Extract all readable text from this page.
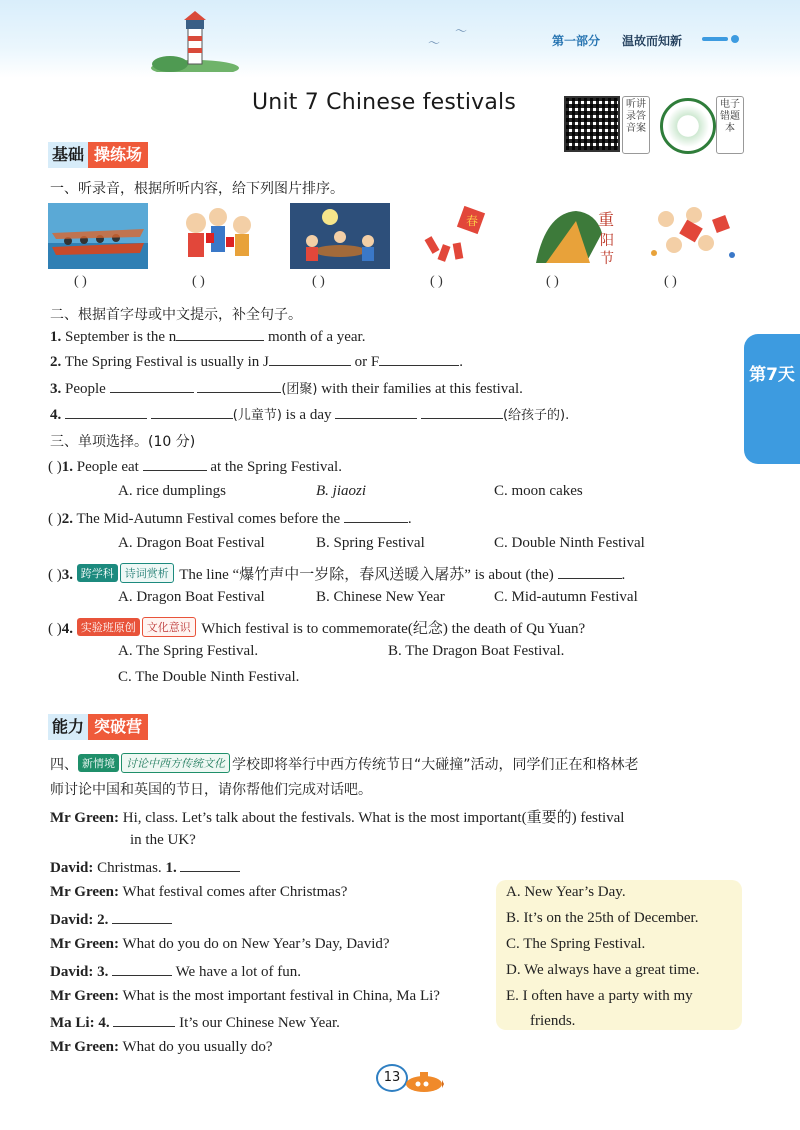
〜
〜	第一部分 温故而知新
Unit 7 Chinese festivals	听讲录答音案
电子错题本
第7天
基础 操练场
一、听录音，根据所听内容，给下列图片排序。
春	重
阳
节
( )	( )	( )	( )	( )	( )
二、根据首字母或中文提示，补全句子。
1. September is the n	month of a year.
2. The Spring Festival is usually in J	or F	.
3. People	(团聚) with their families at this festival.
4.	(儿童节) is a day	(给孩子的).
三、单项选择。(10 分)
( )1. People eat	at the Spring Festival.
A. rice dumplings	B. jiaozi	C. moon cakes
( )2. The Mid-Autumn Festival comes before the	.
A. Dragon Boat Festival	B. Spring Festival	C. Double Ninth Festival
( )3. 跨学科 诗词赏析 The line “爆竹声中一岁除，春风送暖入屠苏” is about (the)	.
A. Dragon Boat Festival	B. Chinese New Year	C. Mid-autumn Festival
( )4. 实验班原创 文化意识 Which festival is to commemorate(纪念) the death of Qu Yuan?
A. The Spring Festival.	B. The Dragon Boat Festival.
C. The Double Ninth Festival.
能力 突破营
四、 新情境 讨论中西方传统文化 学校即将举行中西方传统节日“大碰撞”活动，同学们正在和格林老
师讨论中国和英国的节日，请你帮他们完成对话吧。
Mr Green: Hi, class. Let’s talk about the festivals. What is the most important(重要的) festival
in the UK?
David: Christmas. 1.
Mr Green: What festival comes after Christmas?
David: 2.
Mr Green: What do you do on New Year’s Day, David?
David: 3.	We have a lot of fun.
Mr Green: What is the most important festival in China, Ma Li?
Ma Li: 4.	It’s our Chinese New Year.
Mr Green: What do you usually do?
A. New Year’s Day.
B. It’s on the 25th of December.
C. The Spring Festival.
D. We always have a great time.
E. I often have a party with my
friends.
13
